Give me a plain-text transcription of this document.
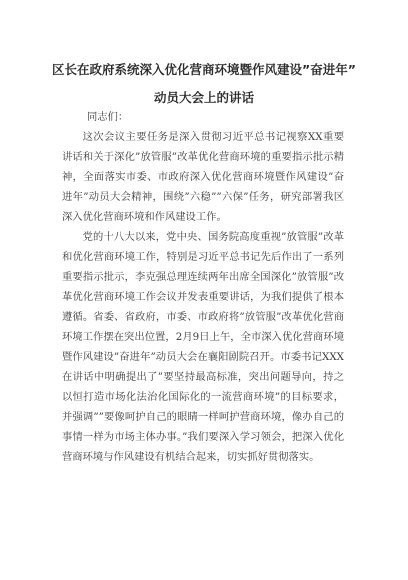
区长在政府系统深入优化营商环境暨作风建设”奋进年”
动员大会上的讲话

同志们：

这次会议主要任务是深入贯彻习近平总书记视察XX重要讲话和关于深化”放管服”改革优化营商环境的重要指示批示精神，全面落实市委、市政府深入优化营商环境暨作风建设”奋进年”动员大会精神，围绕”六稳””六保”任务，研究部署我区深入优化营商环境和作风建设工作。

党的十八大以来，党中央、国务院高度重视”放管服”改革和优化营商环境工作，特别是习近平总书记先后作出了一系列重要指示批示，李克强总理连续两年出席全国深化”放管服”改革优化营商环境工作会议并发表重要讲话，为我们提供了根本遵循。省委、省政府，市委、市政府将”放管服”改革优化营商环境工作摆在突出位置，2月9日上午，全市深入优化营商环境暨作风建设”奋进年”动员大会在襄阳剧院召开。市委书记XXX在讲话中明确提出了”要坚持最高标准，突出问题导向，持之以恒打造市场化法治化国际化的一流营商环境”的目标要求，并强调””要像呵护自己的眼睛一样呵护营商环境，像办自己的事情一样为市场主体办事。”我们要深入学习领会，把深入优化营商环境与作风建设有机结合起来，切实抓好贯彻落实。
